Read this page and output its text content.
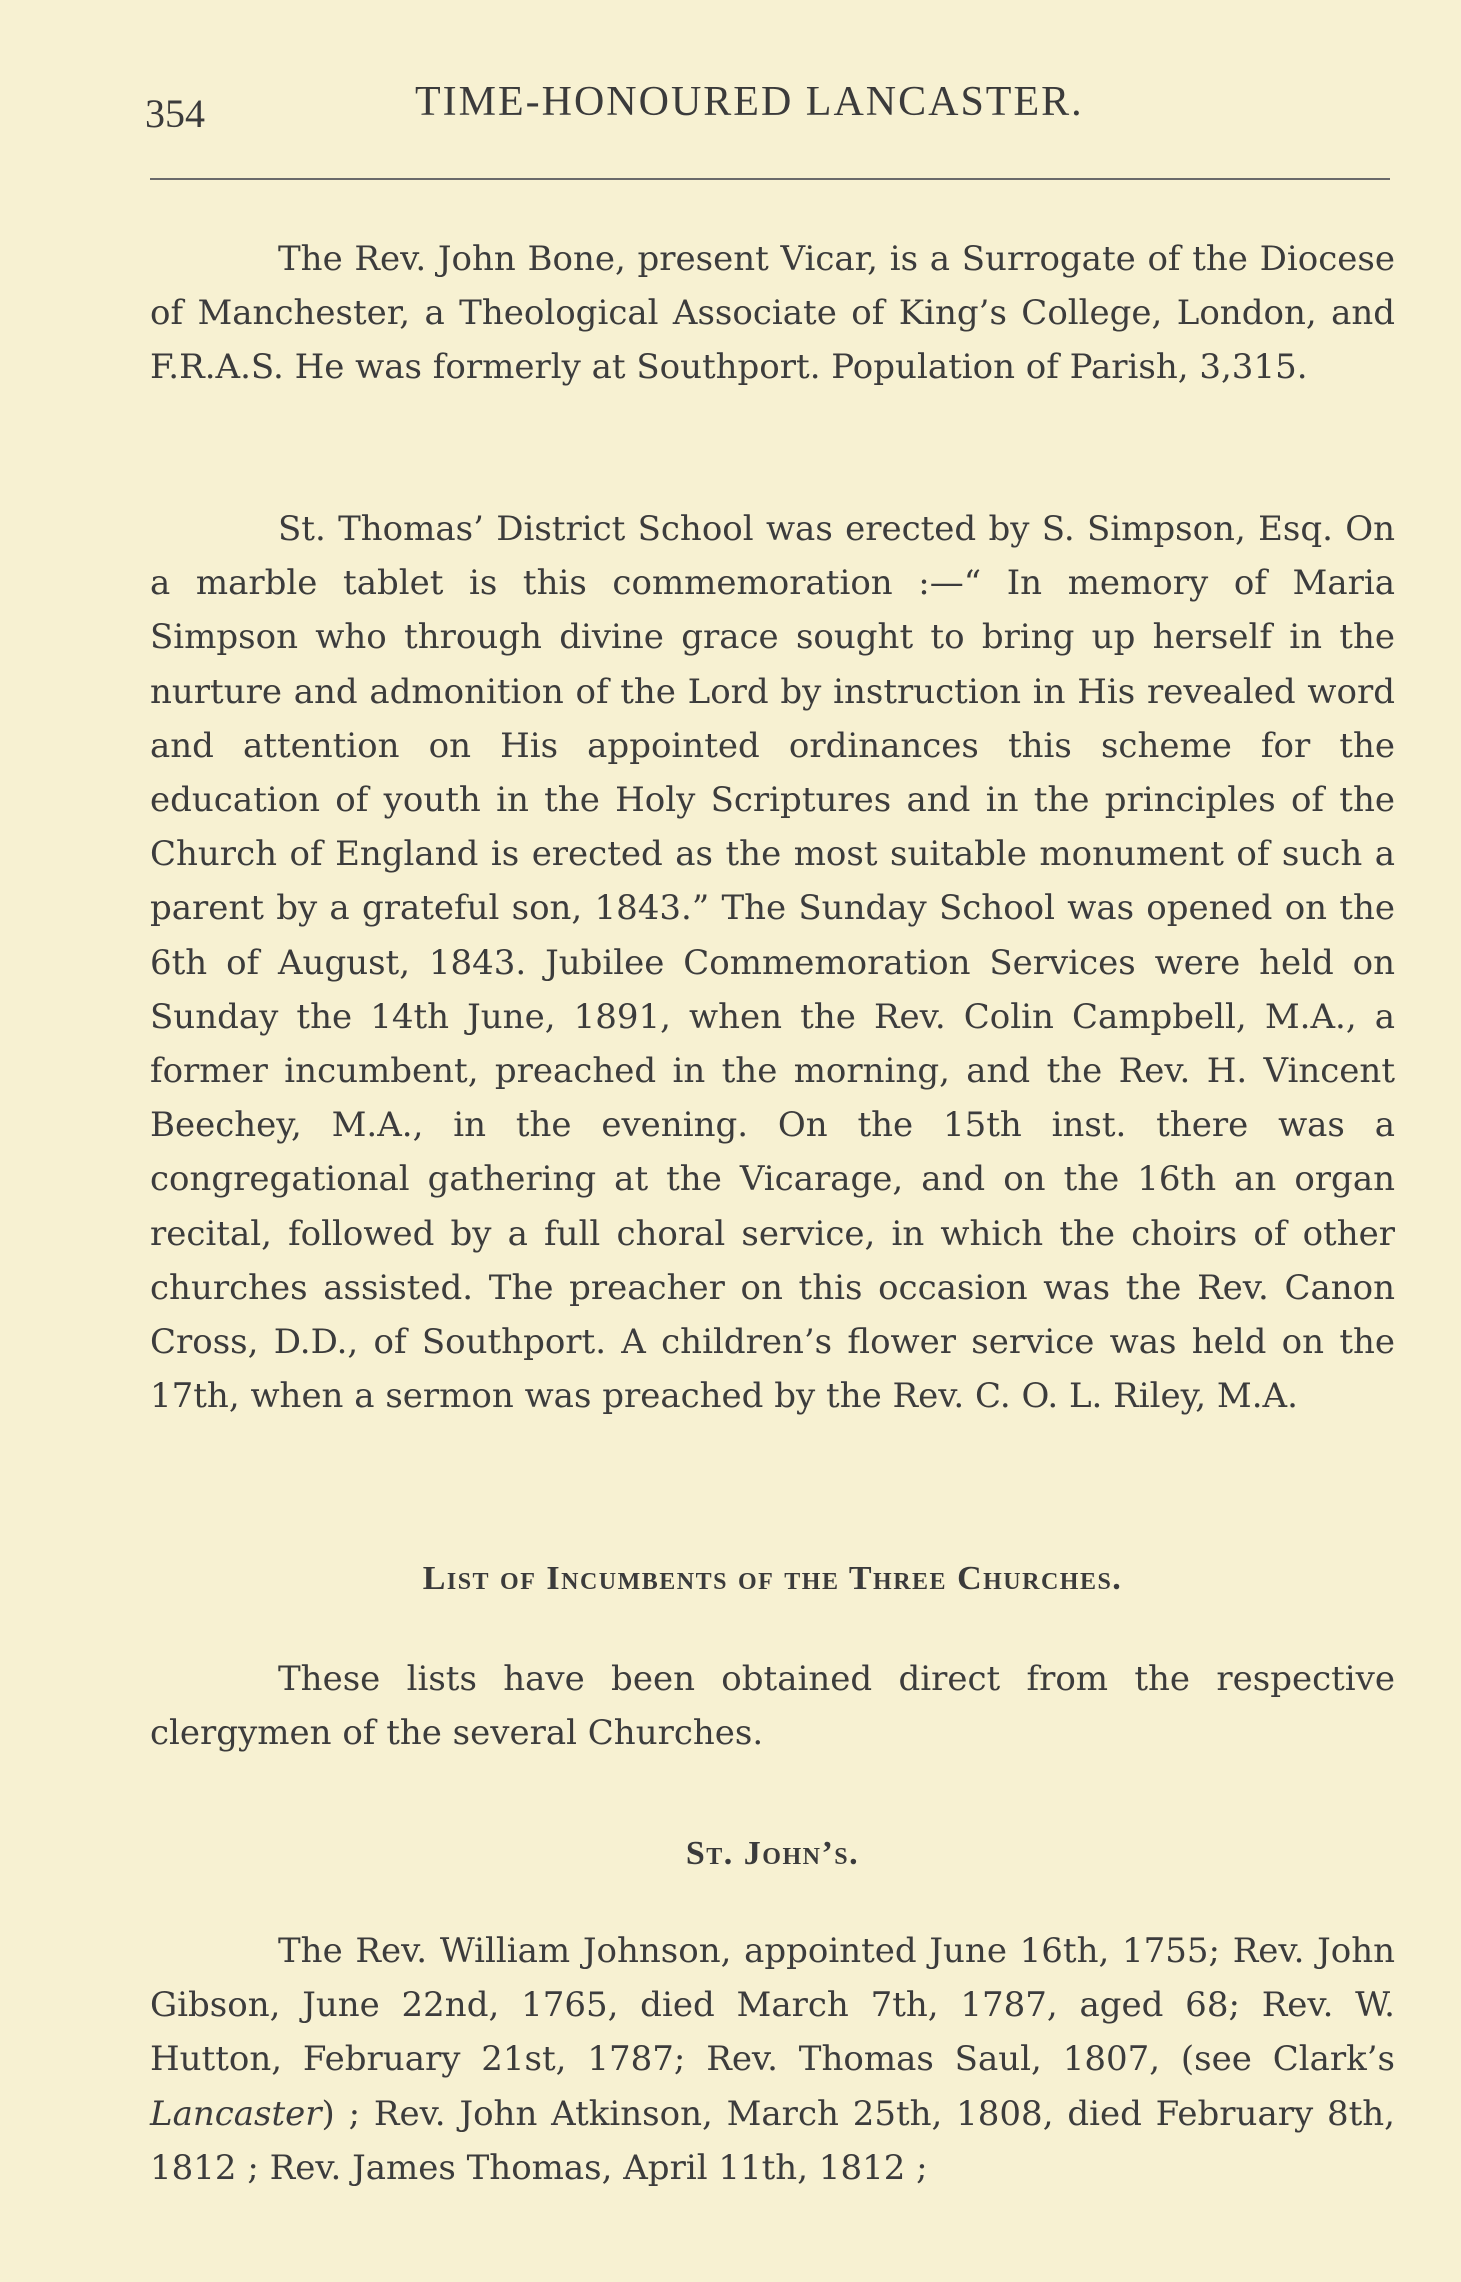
354	TIME-HONOURED LANCASTER.

The Rev. John Bone, present Vicar, is a Surrogate of the Diocese of Manchester, a Theological Associate of King’s College, London, and F.R.A.S. He was formerly at Southport. Population of Parish, 3,315.

St. Thomas’ District School was erected by S. Simpson, Esq. On a marble tablet is this commemoration :—“ In memory of Maria Simpson who through divine grace sought to bring up herself in the nurture and admonition of the Lord by instruction in His revealed word and attention on His appointed ordinances this scheme for the education of youth in the Holy Scriptures and in the principles of the Church of England is erected as the most suitable monument of such a parent by a grateful son, 1843.” The Sunday School was opened on the 6th of August, 1843. Jubilee Commemoration Services were held on Sunday the 14th June, 1891, when the Rev. Colin Campbell, M.A., a former incumbent, preached in the morning, and the Rev. H. Vincent Beechey, M.A., in the evening. On the 15th inst. there was a congregational gathering at the Vicarage, and on the 16th an organ recital, followed by a full choral service, in which the choirs of other churches assisted. The preacher on this occasion was the Rev. Canon Cross, D.D., of Southport. A children’s flower service was held on the 17th, when a sermon was preached by the Rev. C. O. L. Riley, M.A.

List of Incumbents of the Three Churches.

These lists have been obtained direct from the respective clergymen of the several Churches.

St. John’s.

The Rev. William Johnson, appointed June 16th, 1755; Rev. John Gibson, June 22nd, 1765, died March 7th, 1787, aged 68; Rev. W. Hutton, February 21st, 1787; Rev. Thomas Saul, 1807, (see Clark’s Lancaster) ; Rev. John Atkinson, March 25th, 1808, died February 8th, 1812 ; Rev. James Thomas, April 11th, 1812 ;
